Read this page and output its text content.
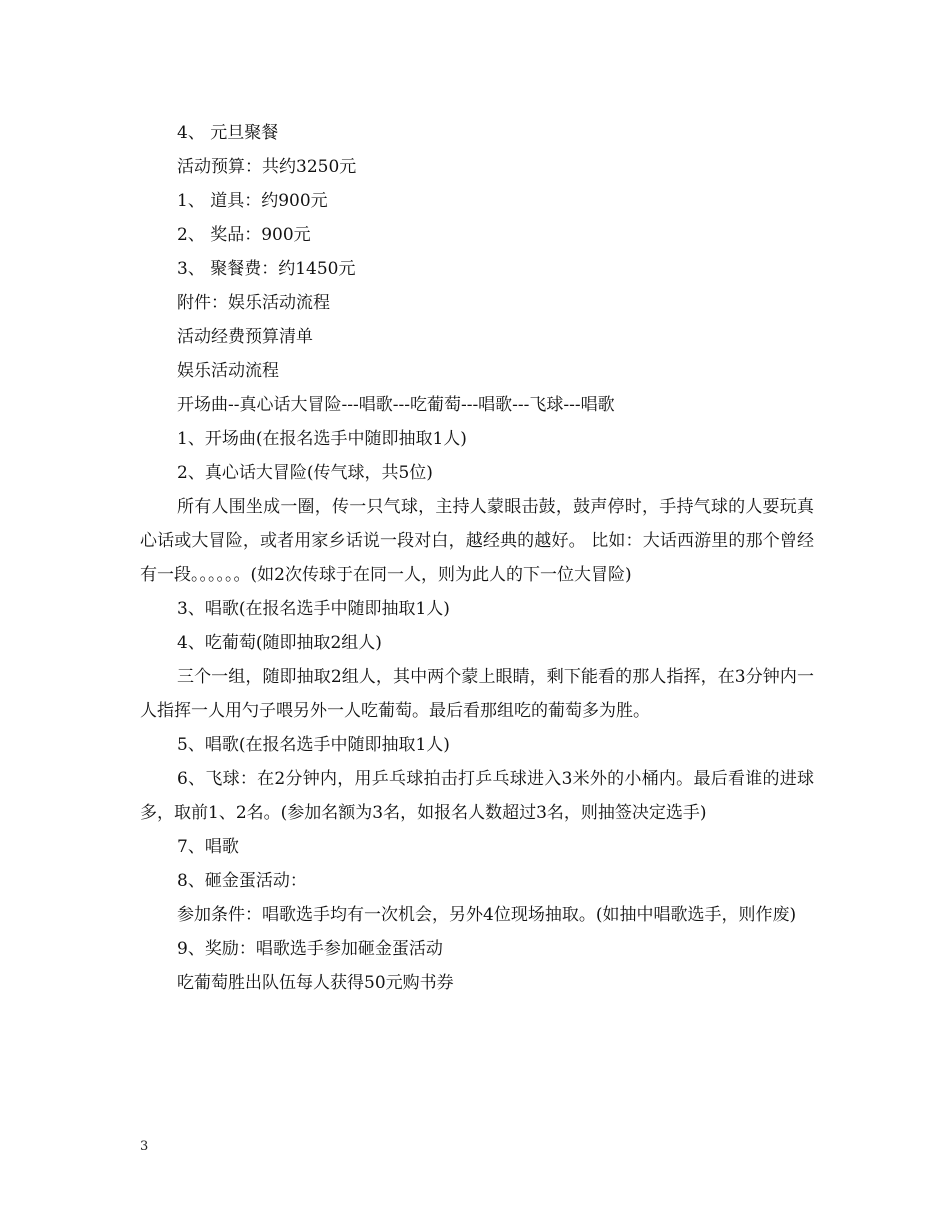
4、 元旦聚餐

活动预算：共约3250元

1、 道具：约900元

2、 奖品：900元

3、 聚餐费：约1450元

附件：娱乐活动流程

活动经费预算清单

娱乐活动流程

开场曲--真心话大冒险---唱歌---吃葡萄---唱歌---飞球---唱歌

1、开场曲(在报名选手中随即抽取1人)

2、真心话大冒险(传气球，共5位)

所有人围坐成一圈，传一只气球，主持人蒙眼击鼓，鼓声停时，手持气球的人要玩真心话或大冒险，或者用家乡话说一段对白，越经典的越好。 比如：大话西游里的那个曾经有一段。。。。。。(如2次传球于在同一人，则为此人的下一位大冒险)

3、唱歌(在报名选手中随即抽取1人)

4、吃葡萄(随即抽取2组人)

三个一组，随即抽取2组人，其中两个蒙上眼睛，剩下能看的那人指挥，在3分钟内一人指挥一人用勺子喂另外一人吃葡萄。最后看那组吃的葡萄多为胜。

5、唱歌(在报名选手中随即抽取1人)

6、飞球：在2分钟内，用乒乓球拍击打乒乓球进入3米外的小桶内。最后看谁的进球多，取前1、2名。(参加名额为3名，如报名人数超过3名，则抽签决定选手)

7、唱歌

8、砸金蛋活动：

参加条件：唱歌选手均有一次机会，另外4位现场抽取。(如抽中唱歌选手，则作废)

9、奖励：唱歌选手参加砸金蛋活动

吃葡萄胜出队伍每人获得50元购书券

3
